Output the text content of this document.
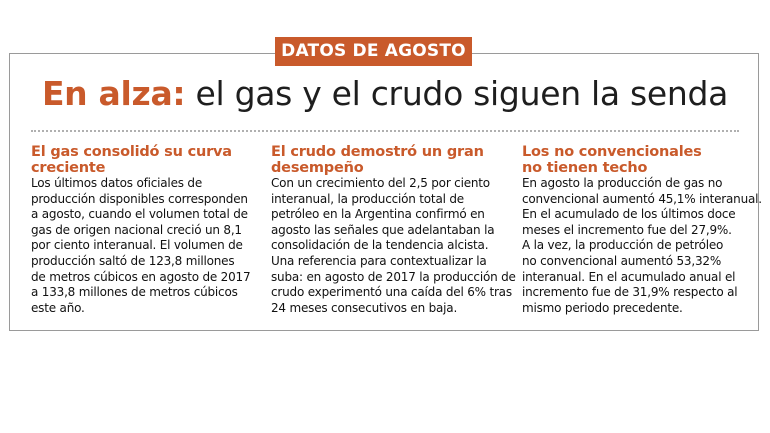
DATOS DE AGOSTO
En alza: el gas y el crudo siguen la senda
El gas consolidó su curva
creciente

Los últimos datos oficiales de
producción disponibles corresponden
a agosto, cuando el volumen total de
gas de origen nacional creció un 8,1
por ciento interanual. El volumen de
producción saltó de 123,8 millones
de metros cúbicos en agosto de 2017
a 133,8 millones de metros cúbicos
este año.

El crudo demostró un gran
desempeño

Con un crecimiento del 2,5 por ciento
interanual, la producción total de
petróleo en la Argentina confirmó en
agosto las señales que adelantaban la
consolidación de la tendencia alcista.
Una referencia para contextualizar la
suba: en agosto de 2017 la producción de
crudo experimentó una caída del 6% tras
24 meses consecutivos en baja.

Los no convencionales
no tienen techo

En agosto la producción de gas no
convencional aumentó 45,1% interanual.
En el acumulado de los últimos doce
meses el incremento fue del 27,9%.
A la vez, la producción de petróleo
no convencional aumentó 53,32%
interanual. En el acumulado anual el
incremento fue de 31,9% respecto al
mismo periodo precedente.
